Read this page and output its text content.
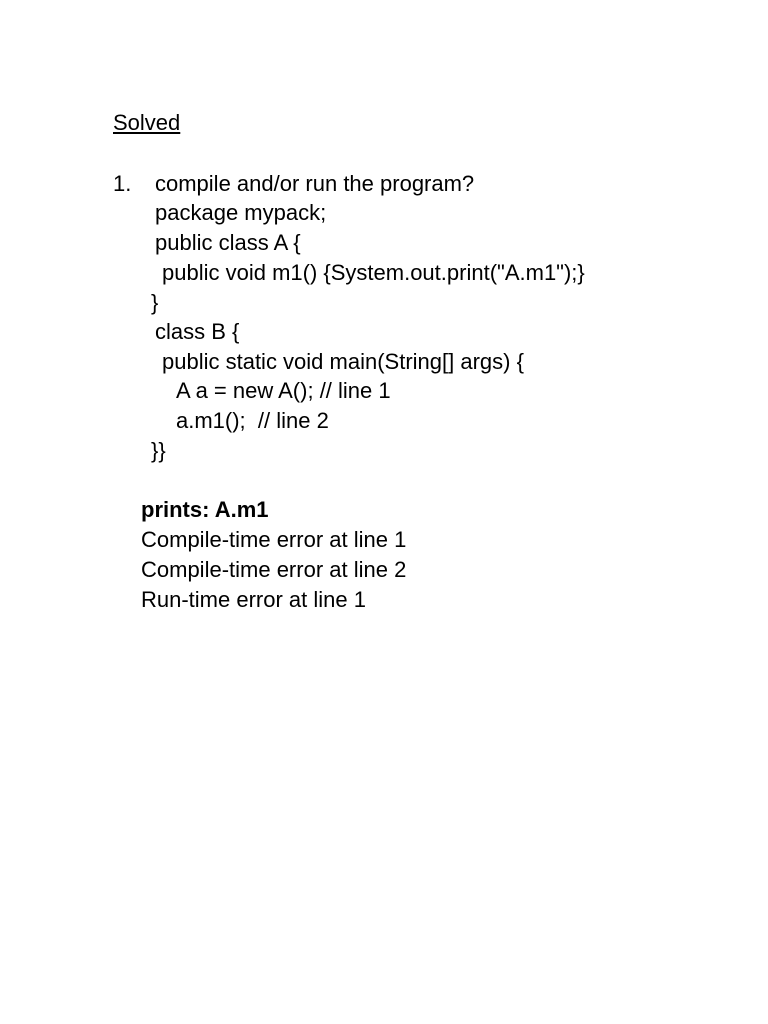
Solved
1. compile and/or run the program?
package mypack;
public class A {
public void m1() {System.out.print("A.m1");}
}
class B {
public static void main(String[] args) {
A a = new A(); // line 1
a.m1();  // line 2
}}
prints: A.m1
Compile-time error at line 1
Compile-time error at line 2
Run-time error at line 1
